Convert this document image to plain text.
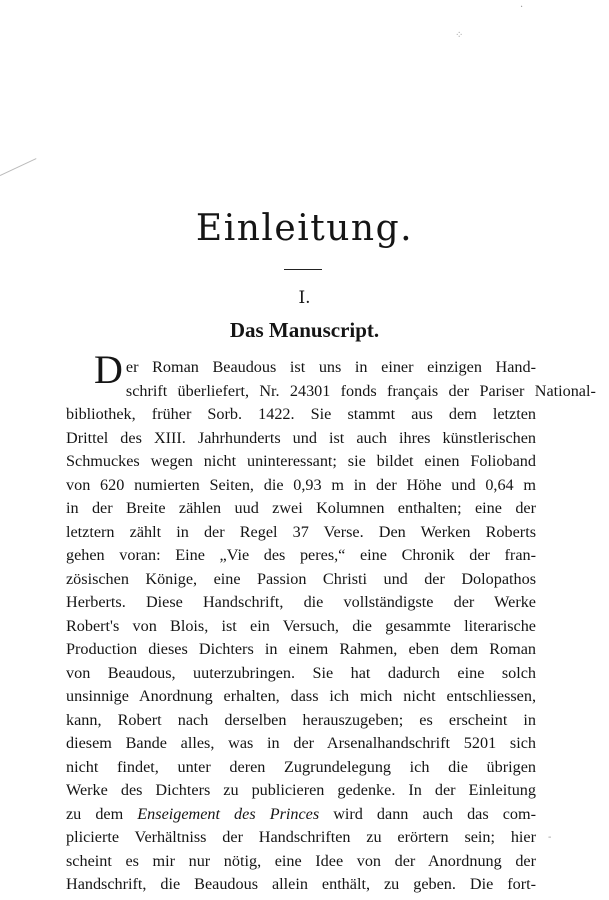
·
⁘
-
Einleitung.
I.
Das Manuscript.
D er Roman Beaudous ist uns in einer einzigen Hand-
schrift überliefert, Nr. 24301 fonds français der Pariser National-
bibliothek, früher Sorb. 1422. Sie stammt aus dem letzten
Drittel des XIII. Jahrhunderts und ist auch ihres künstlerischen
Schmuckes wegen nicht uninteressant; sie bildet einen Folioband
von 620 numierten Seiten, die 0,93 m in der Höhe und 0,64 m
in der Breite zählen uud zwei Kolumnen enthalten; eine der
letztern zählt in der Regel 37 Verse. Den Werken Roberts
gehen voran: Eine „Vie des peres,“ eine Chronik der fran-
zösischen Könige, eine Passion Christi und der Dolopathos
Herberts. Diese Handschrift, die vollständigste der Werke
Robert's von Blois, ist ein Versuch, die gesammte literarische
Production dieses Dichters in einem Rahmen, eben dem Roman
von Beaudous, uuterzubringen. Sie hat dadurch eine solch
unsinnige Anordnung erhalten, dass ich mich nicht entschliessen,
kann, Robert nach derselben herauszugeben; es erscheint in
diesem Bande alles, was in der Arsenalhandschrift 5201 sich
nicht findet, unter deren Zugrundelegung ich die übrigen
Werke des Dichters zu publicieren gedenke. In der Einleitung
zu dem Enseigement des Princes wird dann auch das com-
plicierte Verhältniss der Handschriften zu erörtern sein; hier
scheint es mir nur nötig, eine Idee von der Anordnung der
Handschrift, die Beaudous allein enthält, zu geben. Die fort-
